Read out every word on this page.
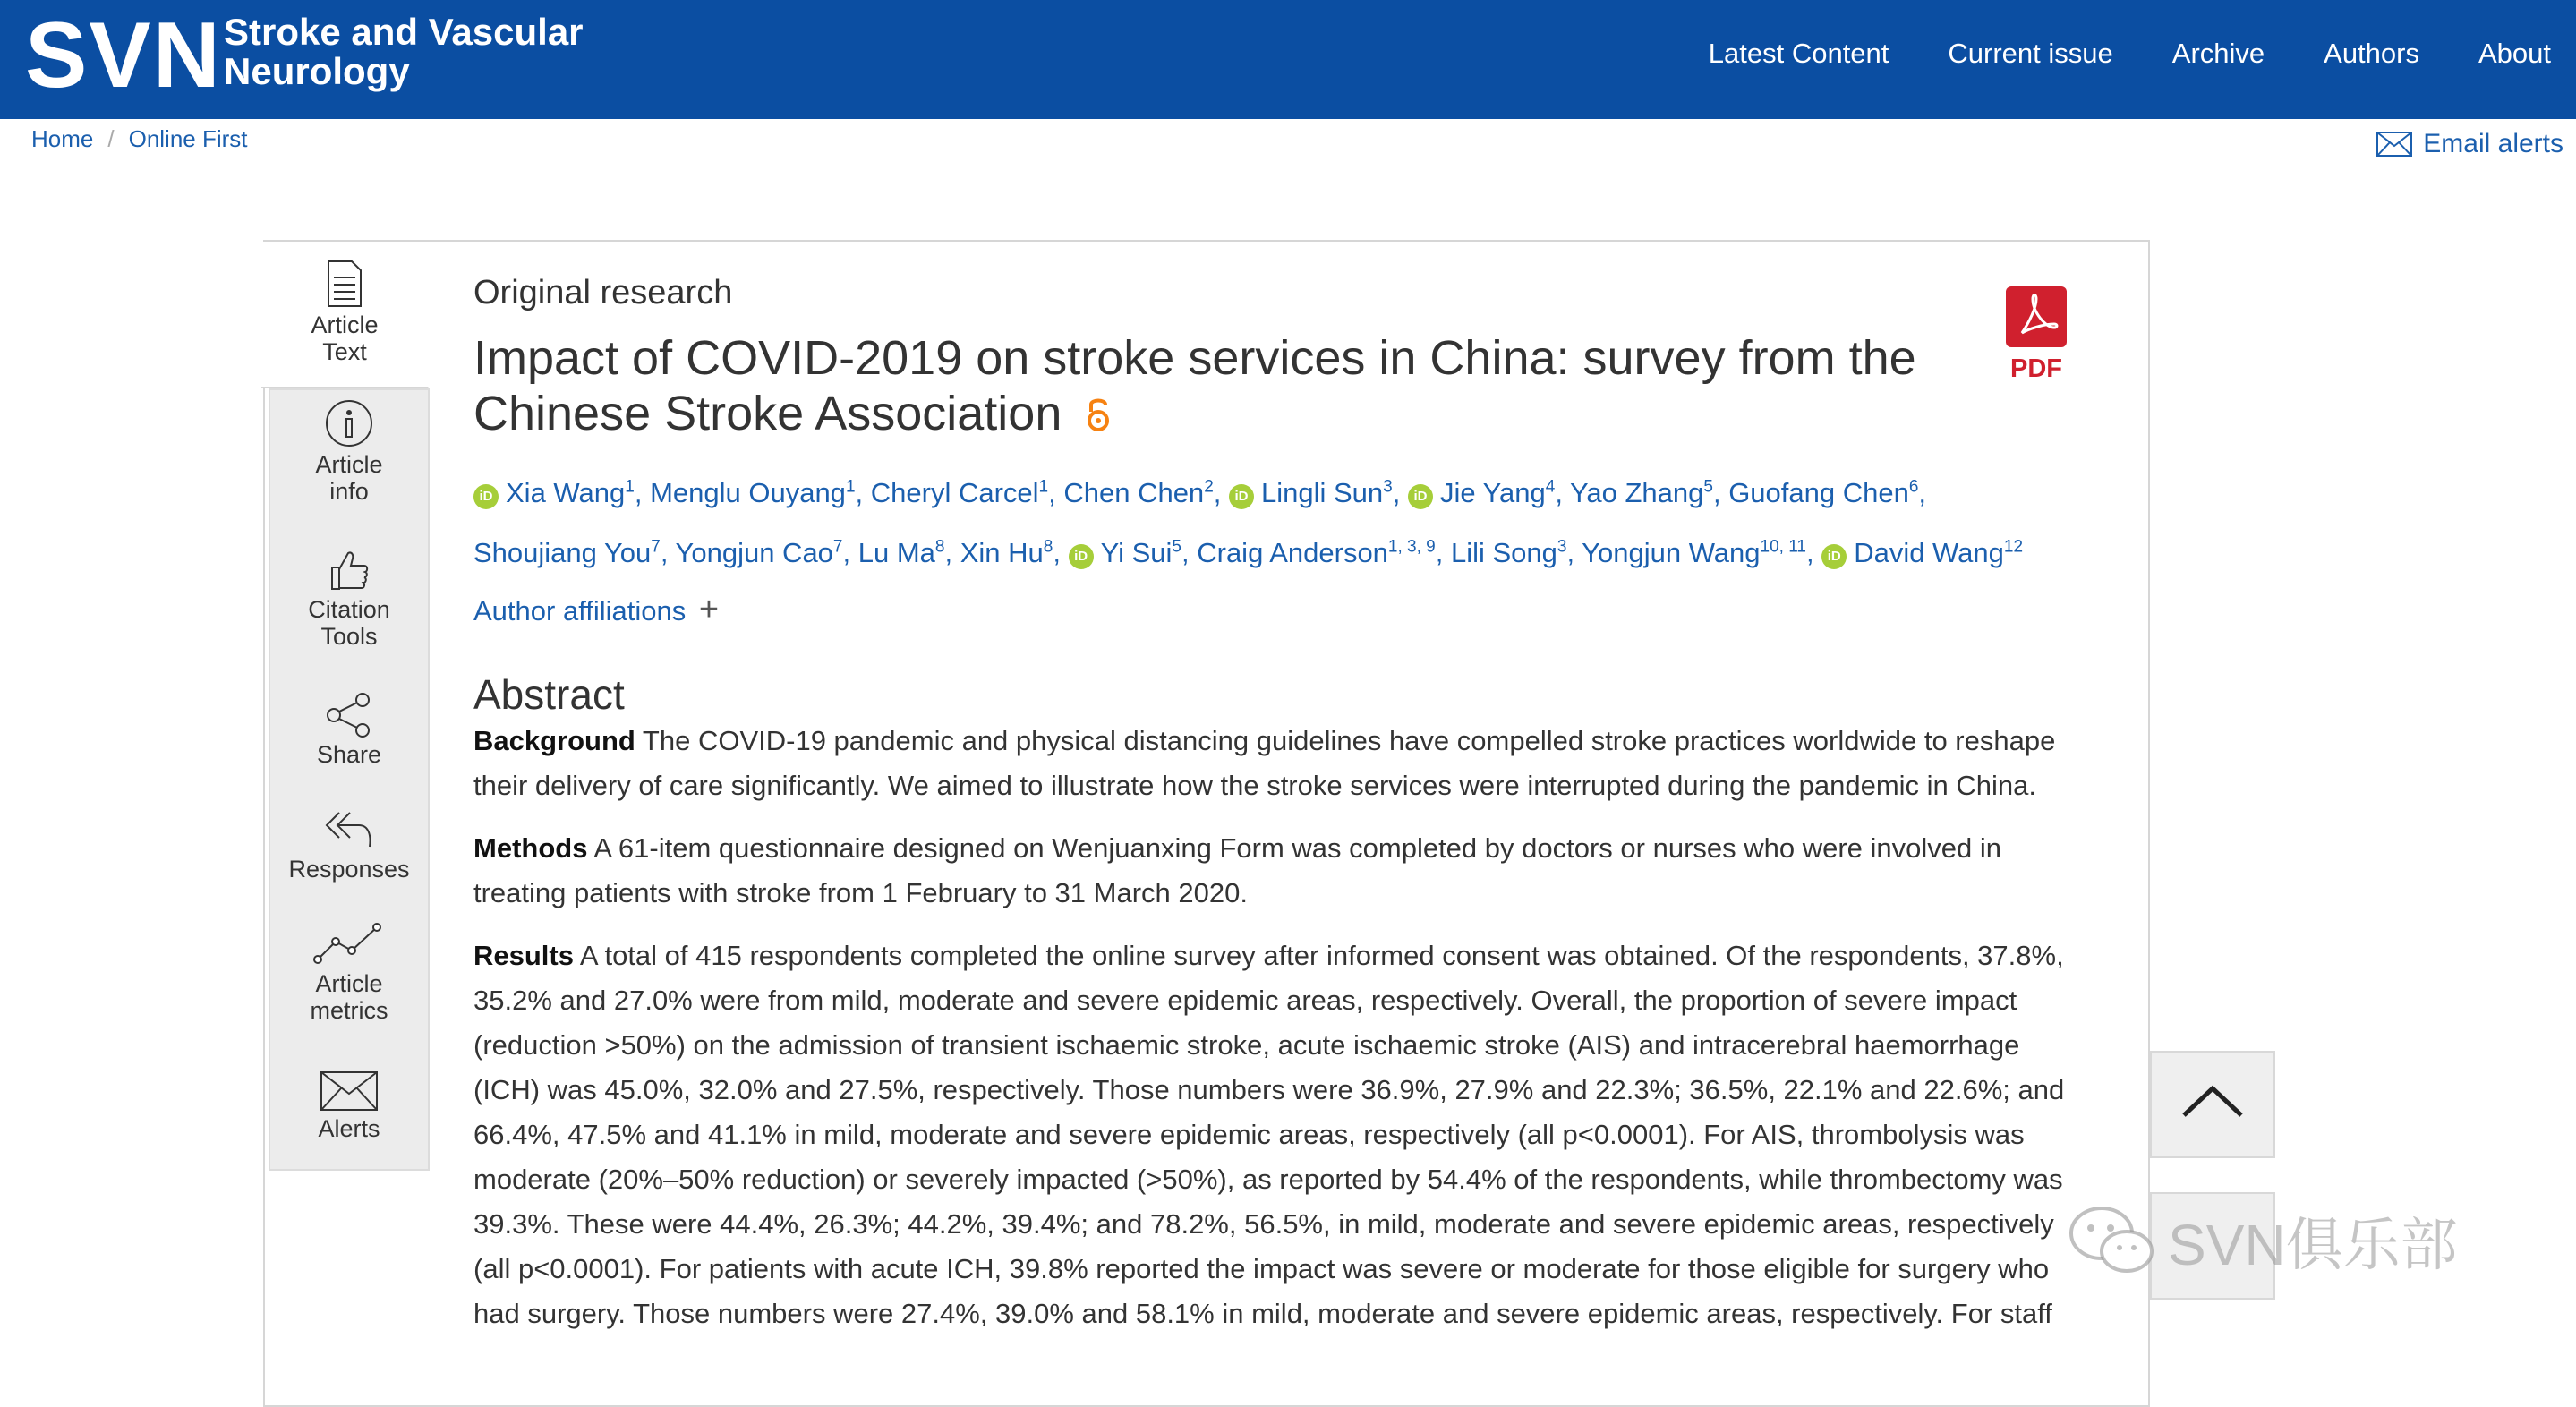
SVN Stroke and Vascular
Neurology	Latest Content Current issue Archive Authors About
Home / Online First	Email alerts
Article
Text
Article
info
Citation
Tools
Share
Responses
Article
metrics
Alerts
PDF

Original research

Impact of COVID-2019 on stroke services in China: survey from the Chinese Stroke Association
iD Xia Wang$^1$, Menglu Ouyang$^1$, Cheryl Carcel$^1$, Chen Chen$^2$, iD Lingli Sun$^3$, iD Jie Yang$^4$, Yao Zhang$^5$, Guofang Chen$^6$, Shoujiang You$^7$, Yongjun Cao$^7$, Lu Ma$^8$, Xin Hu$^8$, iD Yi Sui$^5$, Craig Anderson$^{1, 3, 9}$, Lili Song$^3$, Yongjun Wang$^{10, 11}$, iD David Wang$^{12}$
Author affiliations +
Abstract

Background The COVID-19 pandemic and physical distancing guidelines have compelled stroke practices worldwide to reshape their delivery of care significantly. We aimed to illustrate how the stroke services were interrupted during the pandemic in China.

Methods A 61-item questionnaire designed on Wenjuanxing Form was completed by doctors or nurses who were involved in treating patients with stroke from 1 February to 31 March 2020.

Results A total of 415 respondents completed the online survey after informed consent was obtained. Of the respondents, 37.8%, 35.2% and 27.0% were from mild, moderate and severe epidemic areas, respectively. Overall, the proportion of severe impact (reduction >50%) on the admission of transient ischaemic stroke, acute ischaemic stroke (AIS) and intracerebral haemorrhage (ICH) was 45.0%, 32.0% and 27.5%, respectively. Those numbers were 36.9%, 27.9% and 22.3%; 36.5%, 22.1% and 22.6%; and 66.4%, 47.5% and 41.1% in mild, moderate and severe epidemic areas, respectively (all p<0.0001). For AIS, thrombolysis was moderate (20%–50% reduction) or severely impacted (>50%), as reported by 54.4% of the respondents, while thrombectomy was 39.3%. These were 44.4%, 26.3%; 44.2%, 39.4%; and 78.2%, 56.5%, in mild, moderate and severe epidemic areas, respectively (all p<0.0001). For patients with acute ICH, 39.8% reported the impact was severe or moderate for those eligible for surgery who had surgery. Those numbers were 27.4%, 39.0% and 58.1% in mild, moderate and severe epidemic areas, respectively. For staff

SVN俱乐部
